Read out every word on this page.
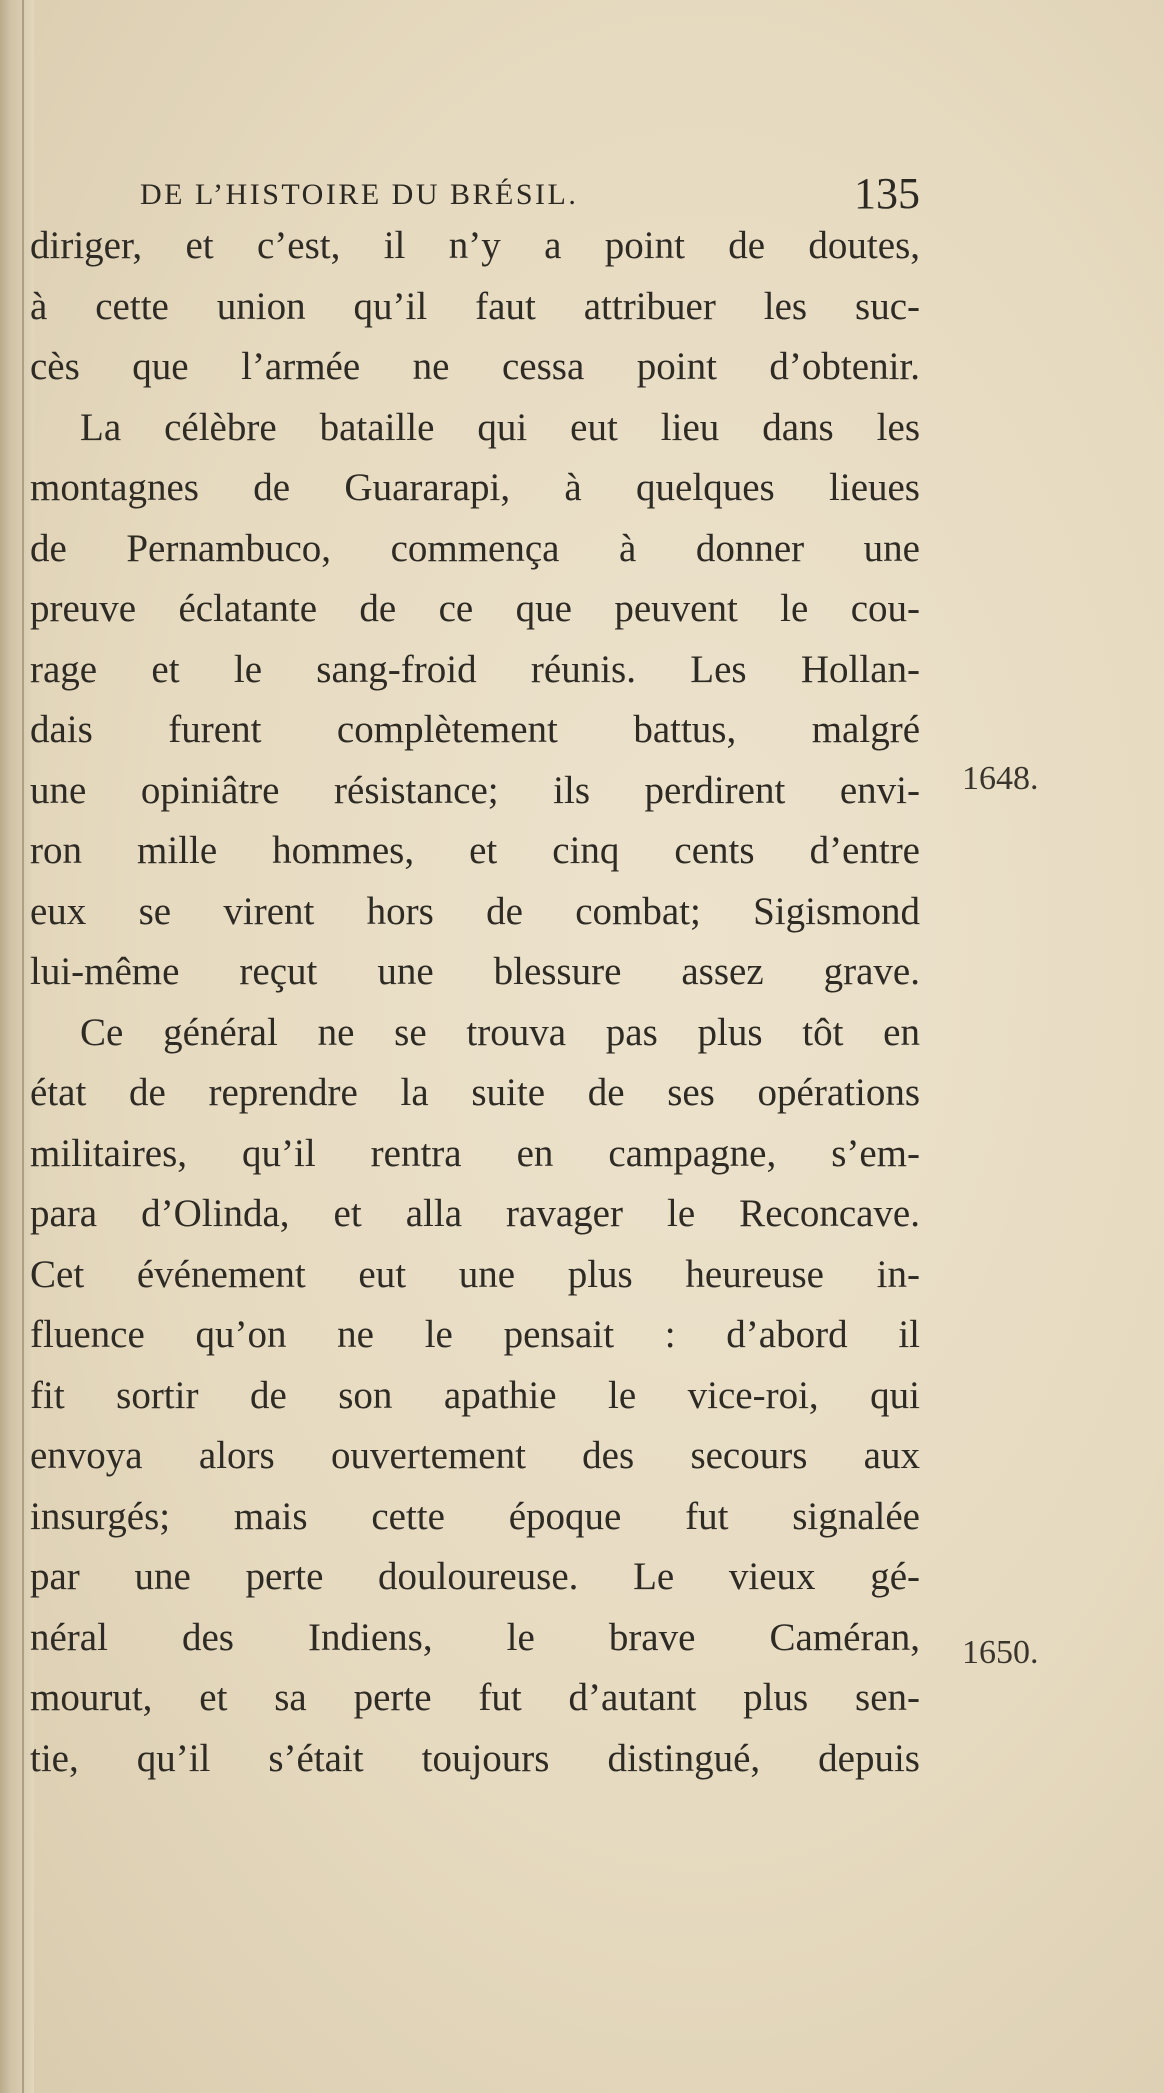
DE L’HISTOIRE DU BRÉSIL.	135
diriger, et c’est, il n’y a point de doutes,
à cette union qu’il faut attribuer les suc-
cès que l’armée ne cessa point d’obtenir.
La célèbre bataille qui eut lieu dans les
montagnes de Guararapi, à quelques lieues
de Pernambuco, commença à donner une
preuve éclatante de ce que peuvent le cou-
rage et le sang-froid réunis. Les Hollan-
dais furent complètement battus, malgré
une opiniâtre résistance; ils perdirent envi-
ron mille hommes, et cinq cents d’entre
eux se virent hors de combat; Sigismond
lui-même reçut une blessure assez grave.
Ce général ne se trouva pas plus tôt en
état de reprendre la suite de ses opérations
militaires, qu’il rentra en campagne, s’em-
para d’Olinda, et alla ravager le Reconcave.
Cet événement eut une plus heureuse in-
fluence qu’on ne le pensait : d’abord il
fit sortir de son apathie le vice-roi, qui
envoya alors ouvertement des secours aux
insurgés; mais cette époque fut signalée
par une perte douloureuse. Le vieux gé-
néral des Indiens, le brave Caméran,
mourut, et sa perte fut d’autant plus sen-
tie, qu’il s’était toujours distingué, depuis
1648.
1650.
